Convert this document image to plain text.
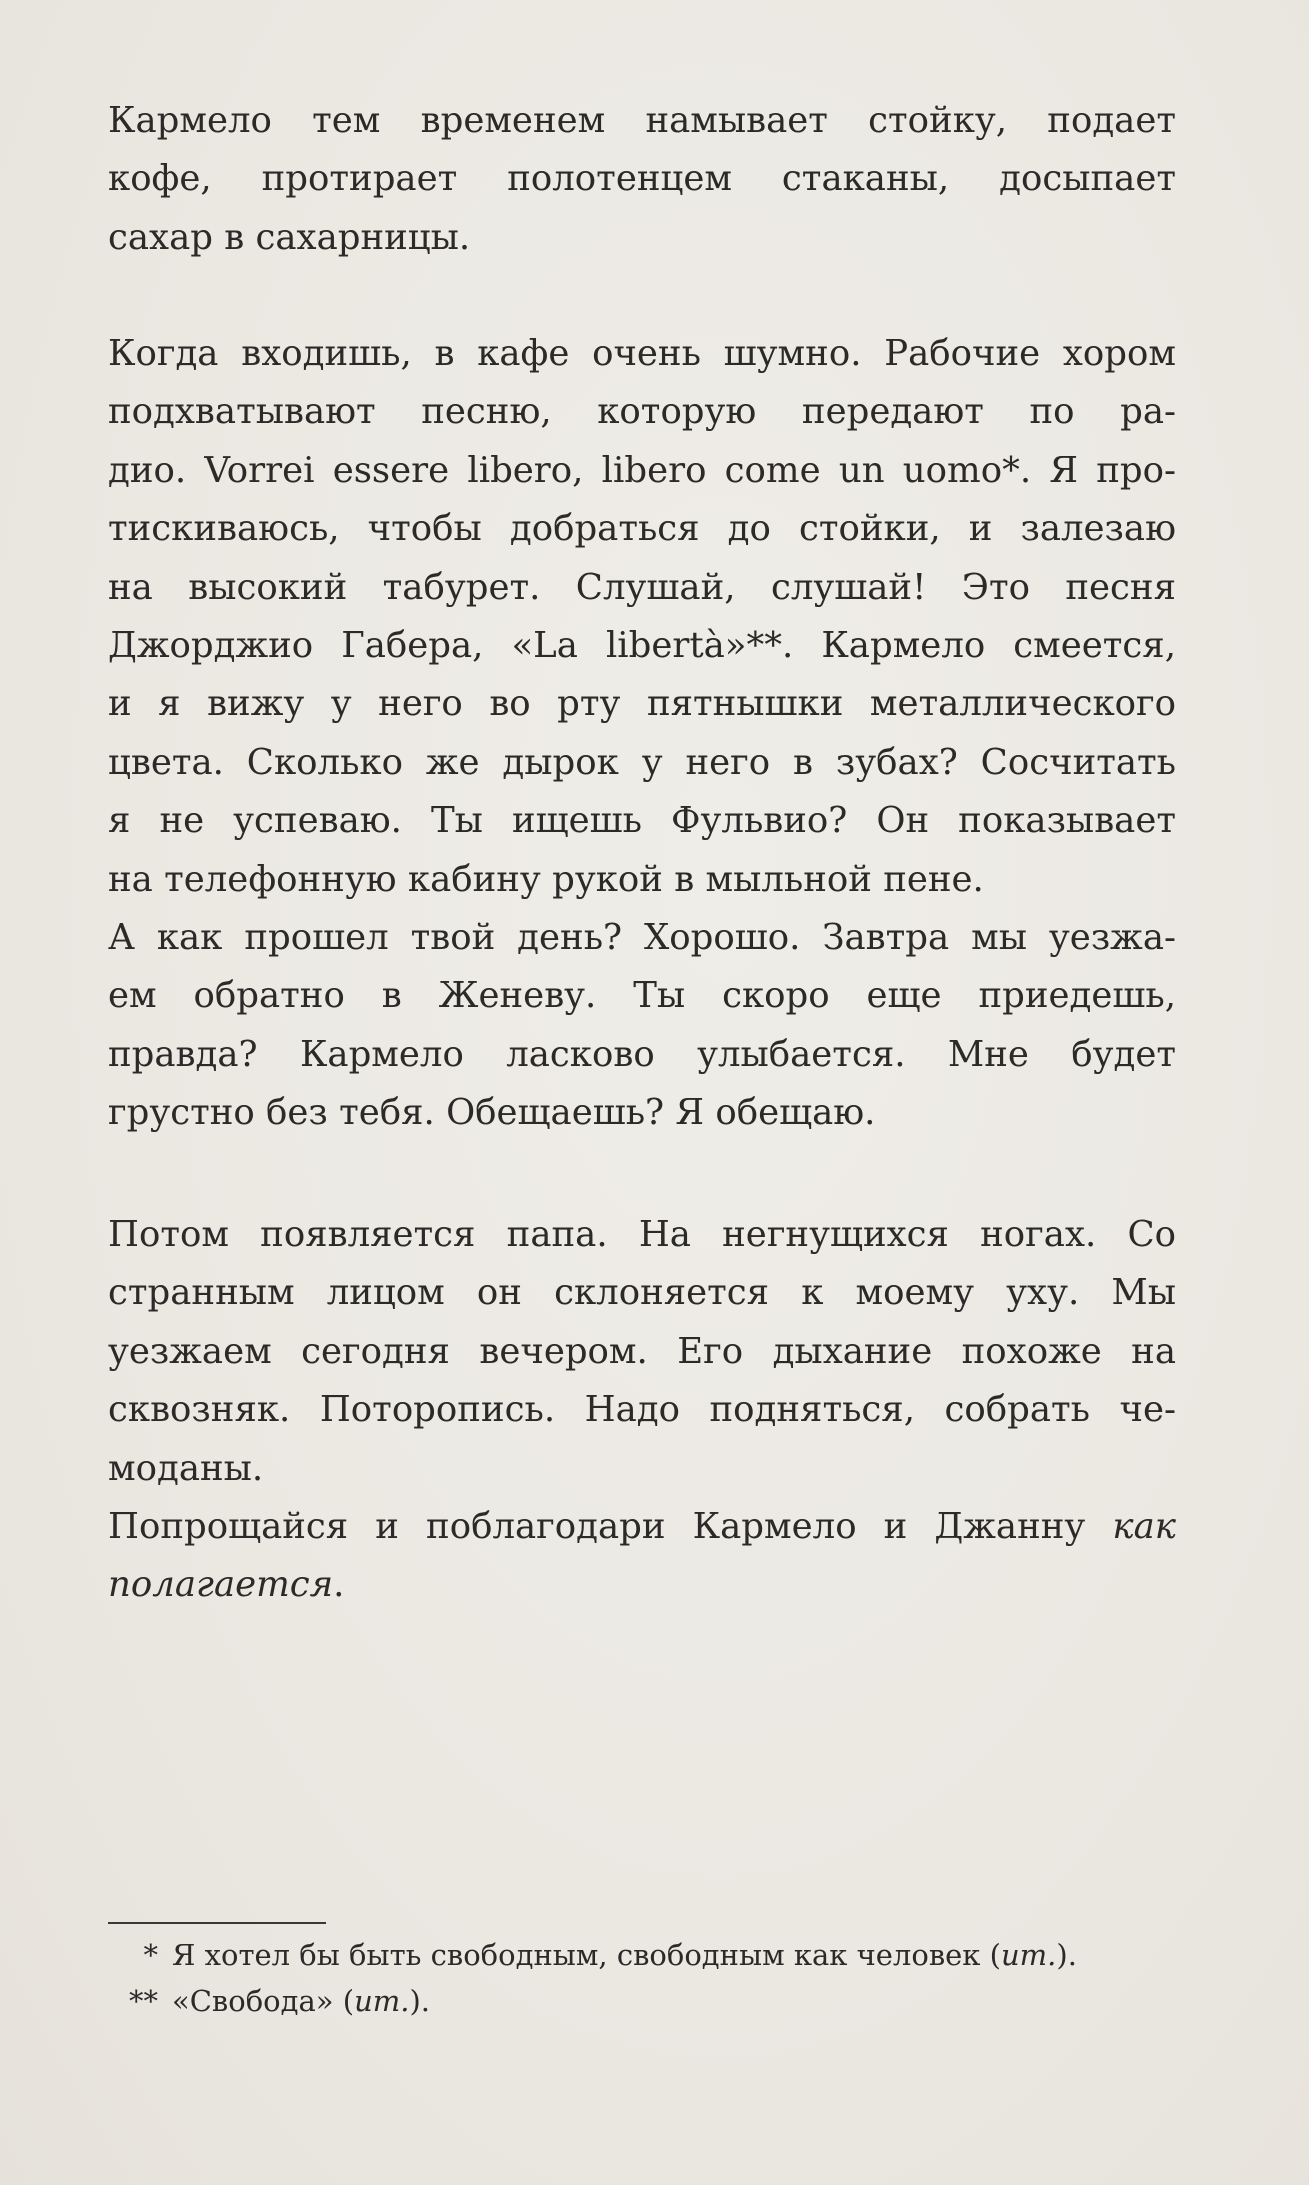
Кармело тем временем намывает стойку, подает
кофе, протирает полотенцем стаканы, досыпает
сахар в сахарницы.
Когда входишь, в кафе очень шумно. Рабочие хором
подхватывают песню, которую передают по ра-
дио. Vorrei essere libero, libero come un uomo*. Я про-
тискиваюсь, чтобы добраться до стойки, и залезаю
на высокий табурет. Слушай, слушай! Это песня
Джорджио Габера, «La libertà»**. Кармело смеется,
и я вижу у него во рту пятнышки металлического
цвета. Сколько же дырок у него в зубах? Сосчитать
я не успеваю. Ты ищешь Фульвио? Он показывает
на телефонную кабину рукой в мыльной пене.
А как прошел твой день? Хорошо. Завтра мы уезжа-
ем обратно в Женеву. Ты скоро еще приедешь,
правда? Кармело ласково улыбается. Мне будет
грустно без тебя. Обещаешь? Я обещаю.
Потом появляется папа. На негнущихся ногах. Со
странным лицом он склоняется к моему уху. Мы
уезжаем сегодня вечером. Его дыхание похоже на
сквозняк. Поторопись. Надо подняться, собрать че-
моданы.
Попрощайся и поблагодари Кармело и Джанну как
полагается.
* Я хотел бы быть свободным, свободным как человек (ит.).
** «Свобода» (ит.).
